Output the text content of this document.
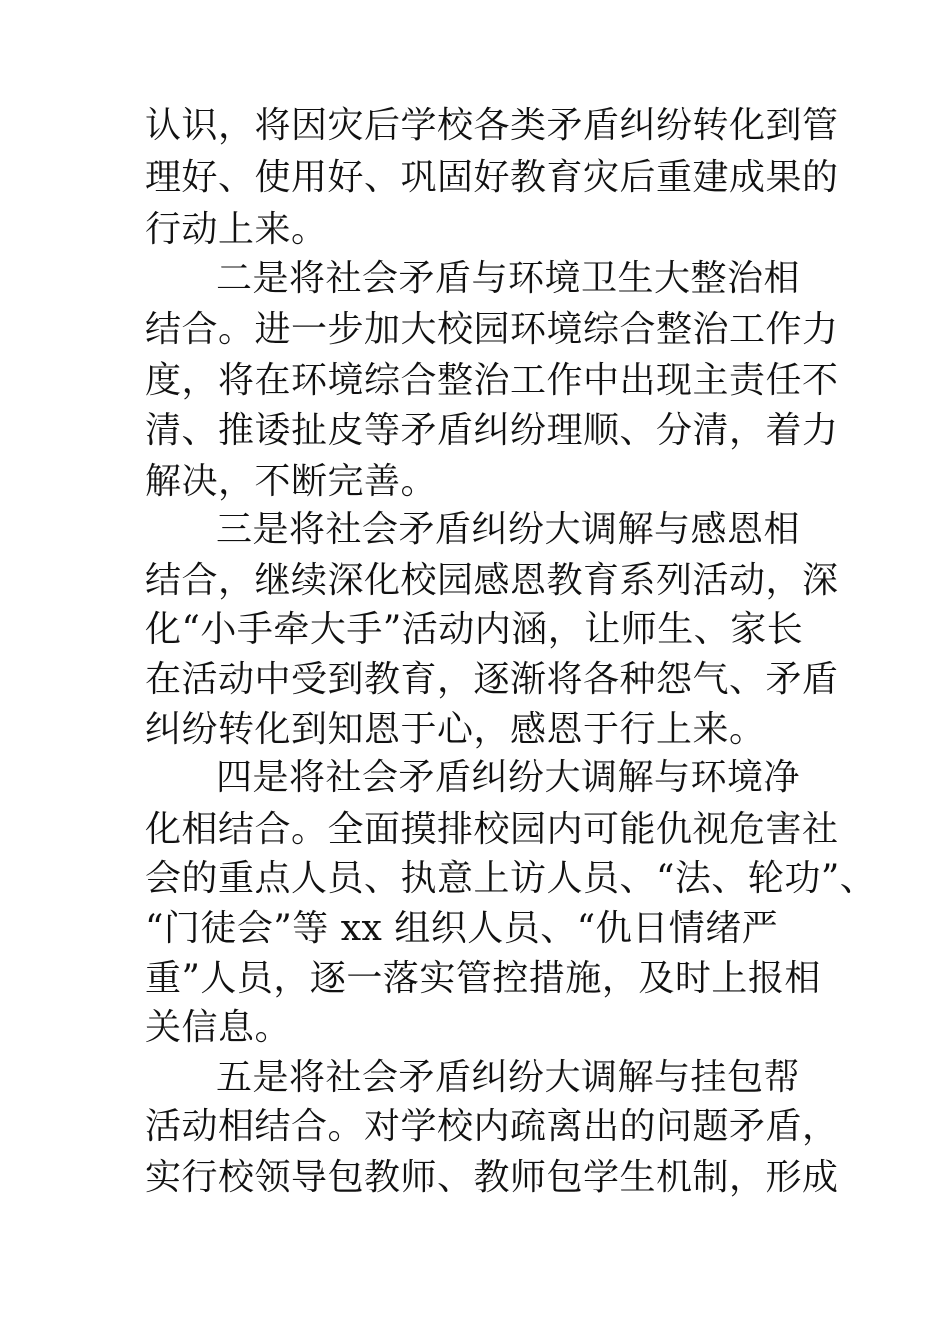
认识，将因灾后学校各类矛盾纠纷转化到管
理好、使用好、巩固好教育灾后重建成果的
行动上来。
二是将社会矛盾与环境卫生大整治相
结合。进一步加大校园环境综合整治工作力
度，将在环境综合整治工作中出现主责任不
清、推诿扯皮等矛盾纠纷理顺、分清，着力
解决，不断完善。
三是将社会矛盾纠纷大调解与感恩相
结合，继续深化校园感恩教育系列活动，深
化“小手牵大手”活动内涵，让师生、家长
在活动中受到教育，逐渐将各种怨气、矛盾
纠纷转化到知恩于心，感恩于行上来。
四是将社会矛盾纠纷大调解与环境净
化相结合。全面摸排校园内可能仇视危害社
会的重点人员、执意上访人员、“法、轮功”、
“门徒会”等 xx 组织人员、“仇日情绪严
重”人员，逐一落实管控措施，及时上报相
关信息。
五是将社会矛盾纠纷大调解与挂包帮
活动相结合。对学校内疏离出的问题矛盾，
实行校领导包教师、教师包学生机制，形成
